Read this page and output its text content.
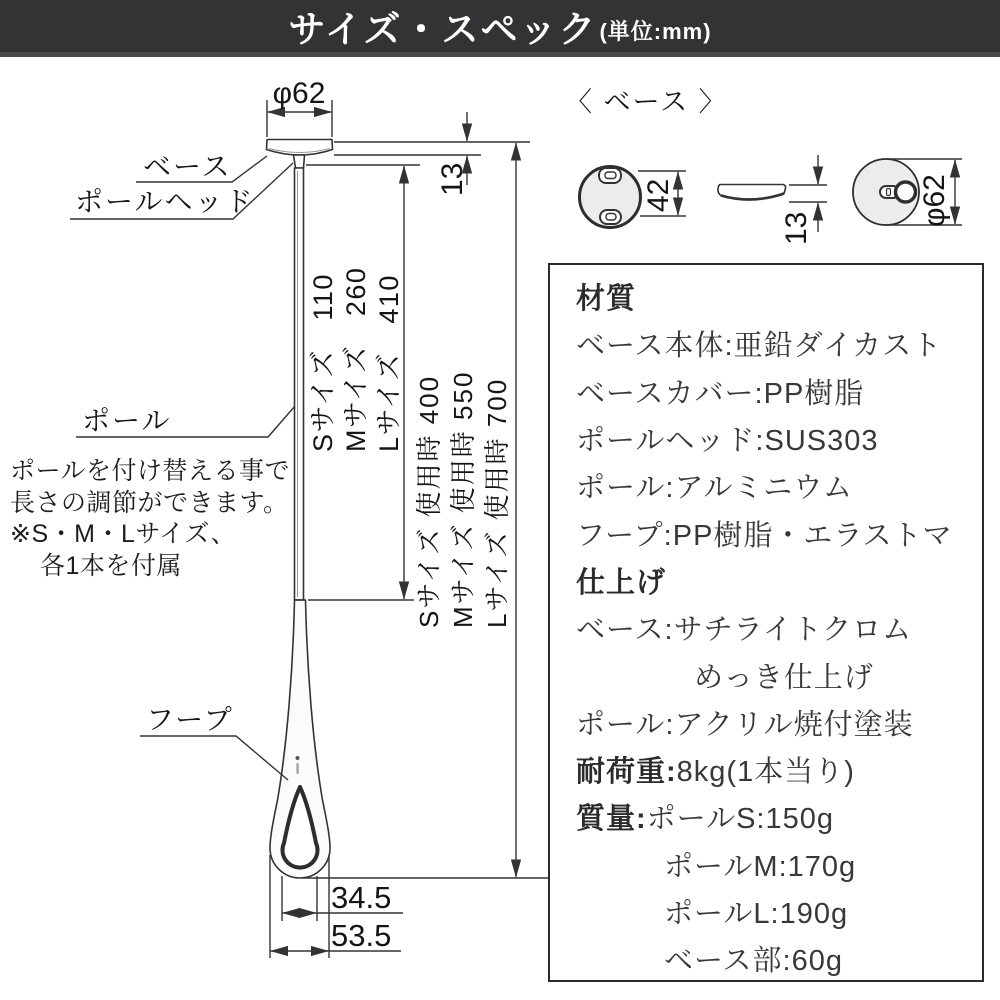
サイズ・スペック (単位:mm)
ベース
ポールヘッド
ポール
フープ
φ62
13
Sサイズ　110 Mサイズ　260 Lサイズ　410
Sサイズ 使用時 400 Mサイズ 使用時 550 Lサイズ 使用時 700
34.5
53.5
〈 ベース 〉
42
13
φ62
ポールを付け替える事で
長さの調節ができます。
※S・M・Lサイズ、
各1本を付属
材質
ベース本体:亜鉛ダイカスト
ベースカバー:PP樹脂
ポールヘッド:SUS303
ポール:アルミニウム
フープ:PP樹脂・エラストマ
仕上げ
ベース:サチライトクロム
めっき仕上げ
ポール:アクリル焼付塗装
耐荷重: 8kg(1本当り)
質量: ポールS:150g
ポールM:170g
ポールL:190g
ベース部:60g
